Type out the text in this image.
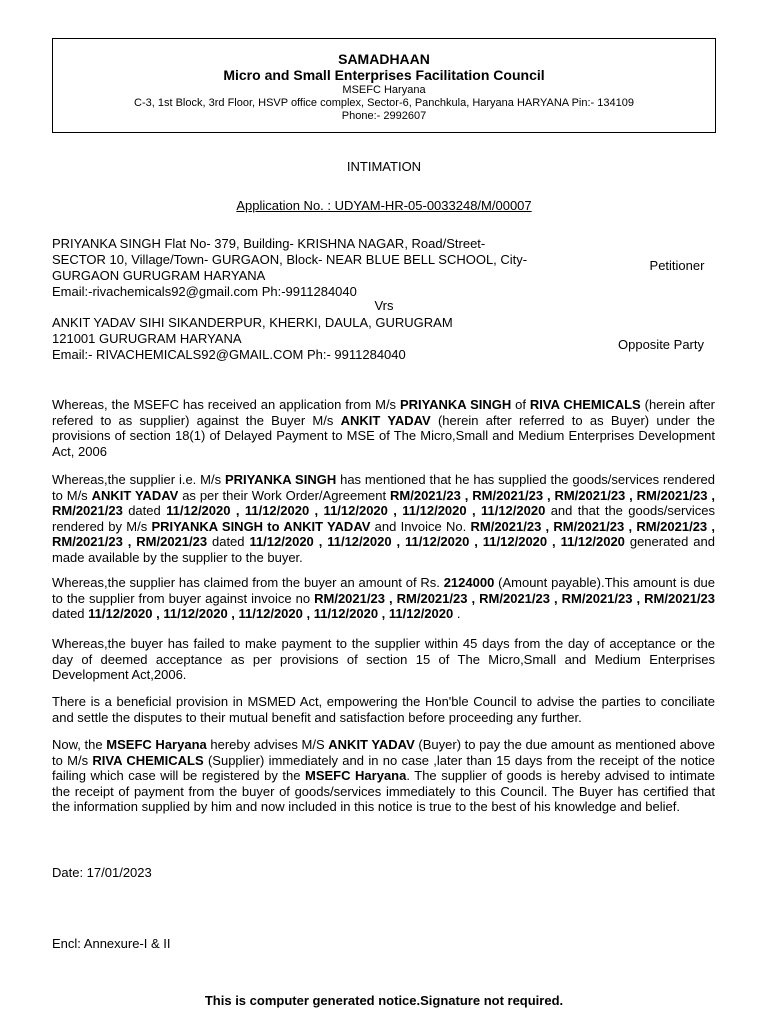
SAMADHAAN
Micro and Small Enterprises Facilitation Council
MSEFC Haryana
C-3, 1st Block, 3rd Floor, HSVP office complex, Sector-6, Panchkula, Haryana HARYANA Pin:- 134109
Phone:- 2992607
INTIMATION
Application No. : UDYAM-HR-05-0033248/M/00007
PRIYANKA SINGH Flat No- 379, Building- KRISHNA NAGAR, Road/Street-
SECTOR 10, Village/Town- GURGAON, Block- NEAR BLUE BELL SCHOOL, City-
GURGAON GURUGRAM HARYANA
Email:-rivachemicals92@gmail.com Ph:-9911284040
Petitioner
Vrs
ANKIT YADAV SIHI SIKANDERPUR, KHERKI, DAULA, GURUGRAM
121001 GURUGRAM HARYANA
Email:- RIVACHEMICALS92@GMAIL.COM Ph:- 9911284040
Opposite Party
Whereas, the MSEFC has received an application from M/s PRIYANKA SINGH of RIVA CHEMICALS (herein after refered to as supplier) against the Buyer M/s ANKIT YADAV (herein after referred to as Buyer) under the provisions of section 18(1) of Delayed Payment to MSE of The Micro,Small and Medium Enterprises Development Act, 2006
Whereas,the supplier i.e. M/s PRIYANKA SINGH has mentioned that he has supplied the goods/services rendered to M/s ANKIT YADAV as per their Work Order/Agreement RM/2021/23 , RM/2021/23 , RM/2021/23 , RM/2021/23 , RM/2021/23 dated 11/12/2020 , 11/12/2020 , 11/12/2020 , 11/12/2020 , 11/12/2020 and that the goods/services rendered by M/s PRIYANKA SINGH to ANKIT YADAV and Invoice No. RM/2021/23 , RM/2021/23 , RM/2021/23 , RM/2021/23 , RM/2021/23 dated 11/12/2020 , 11/12/2020 , 11/12/2020 , 11/12/2020 , 11/12/2020 generated and made available by the supplier to the buyer.
Whereas,the supplier has claimed from the buyer an amount of Rs. 2124000 (Amount payable).This amount is due to the supplier from buyer against invoice no RM/2021/23 , RM/2021/23 , RM/2021/23 , RM/2021/23 , RM/2021/23 dated 11/12/2020 , 11/12/2020 , 11/12/2020 , 11/12/2020 , 11/12/2020 .
Whereas,the buyer has failed to make payment to the supplier within 45 days from the day of acceptance or the day of deemed acceptance as per provisions of section 15 of The Micro,Small and Medium Enterprises Development Act,2006.
There is a beneficial provision in MSMED Act, empowering the Hon'ble Council to advise the parties to conciliate and settle the disputes to their mutual benefit and satisfaction before proceeding any further.
Now, the MSEFC Haryana hereby advises M/S ANKIT YADAV (Buyer) to pay the due amount as mentioned above to M/s RIVA CHEMICALS (Supplier) immediately and in no case ,later than 15 days from the receipt of the notice failing which case will be registered by the MSEFC Haryana. The supplier of goods is hereby advised to intimate the receipt of payment from the buyer of goods/services immediately to this Council. The Buyer has certified that the information supplied by him and now included in this notice is true to the best of his knowledge and belief.
Date: 17/01/2023
Encl: Annexure-I & II
This is computer generated notice.Signature not required.
